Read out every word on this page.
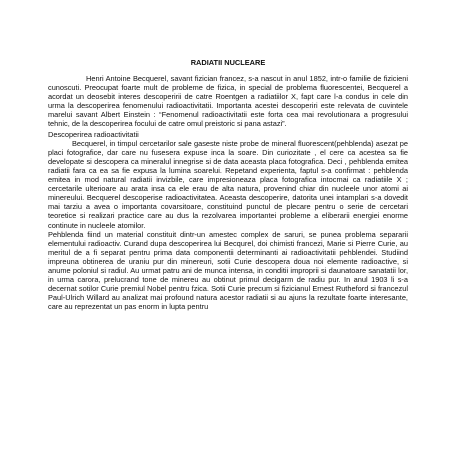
RADIATII NUCLEARE

Henri Antoine Becquerel, savant fizician francez, s-a nascut in anul 1852, intr-o familie de fizicieni cunoscuti. Preocupat foarte mult de probleme de fizica, in special de problema fluorescentei, Becquerel a acordat un deosebit interes descoperirii de catre Roentgen a radiatiilor X, fapt care l-a condus in cele din urma la descoperirea fenomenului radioactivitatii. Importanta acestei descoperiri este relevata de cuvintele marelui savant Albert Einstein : “Fenomenul radioactivitatii este forta cea mai revolutionara a progresului tehnic, de la descoperirea focului de catre omul preistoric si pana astazi”.

Descoperirea radioactivitatii

Becquerel, in timpul cercetarilor sale gaseste niste probe de mineral fluorescent(pehblenda) asezat pe placi fotografice, dar care nu fusesera expuse inca la soare. Din curiozitate , el cere ca acestea sa fie developate si descopera ca mineralul innegrise si de data aceasta placa fotografica. Deci , pehblenda emitea radiatii fara ca ea sa fie expusa la lumina soarelui. Repetand experienta, faptul s-a confirmat : pehblenda emitea in mod natural radiatii invizbile, care impresioneaza placa fotografica intocmai ca radiatiile X ; cercetarile ulterioare au arata insa ca ele erau de alta natura, provenind chiar din nucleele unor atomi ai minereului. Becquerel descoperise radioactivitatea. Aceasta descoperire, datorita unei intamplari s-a dovedit mai tarziu a avea o importanta covarsitoare, constituind punctul de plecare pentru o serie de cercetari teoretice si realizari practice care au dus la rezolvarea importantei probleme a eliberarii energiei enorme continute in nucleele atomilor.

Pehblenda fiind un material constituit dintr-un amestec complex de saruri, se punea problema separarii elementului radioactiv. Curand dupa descoperirea lui Becqurel, doi chimisti francezi, Marie si Pierre Curie, au meritul de a fi separat pentru prima data componentii determinanti ai radioactivitatii pehblendei. Studiind impreuna obtinerea de uraniu pur din minereuri, sotii Curie descopera doua noi elemente radioactive, si anume poloniul si radiul. Au urmat patru ani de munca intensa, in conditii improprii si daunatoare sanatatii lor, in urma carora, prelucrand tone de minereu au obtinut primul decigarm de radiu pur. In anul 1903 li s-a decernat sotilor Curie premiul Nobel pentru fzica. Sotii Curie precum si fizicianul Ernest Rutheford si francezul Paul-Ulrich Willard au analizat mai profound natura acestor radiatii si au ajuns la rezultate foarte interesante, care au reprezentat un pas enorm in lupta pentru
